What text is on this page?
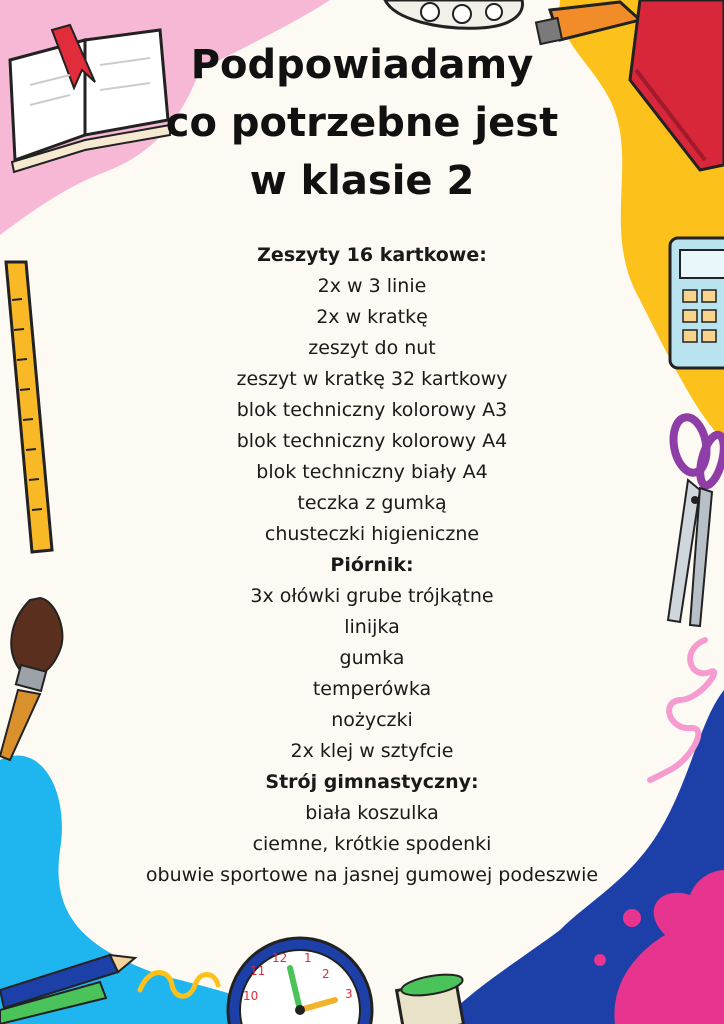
11
12 1
2
10	3
Podpowiadamy
co potrzebne jest
w klasie 2
Zeszyty 16 kartkowe:
2x w 3 linie
2x w kratkę
zeszyt do nut
zeszyt w kratkę 32 kartkowy
blok techniczny kolorowy A3
blok techniczny kolorowy A4
blok techniczny biały A4
teczka z gumką
chusteczki higieniczne
Piórnik:
3x ołówki grube trójkątne
linijka
gumka
temperówka
nożyczki
2x klej w sztyfcie
Strój gimnastyczny:
biała koszulka
ciemne, krótkie spodenki
obuwie sportowe na jasnej gumowej podeszwie
